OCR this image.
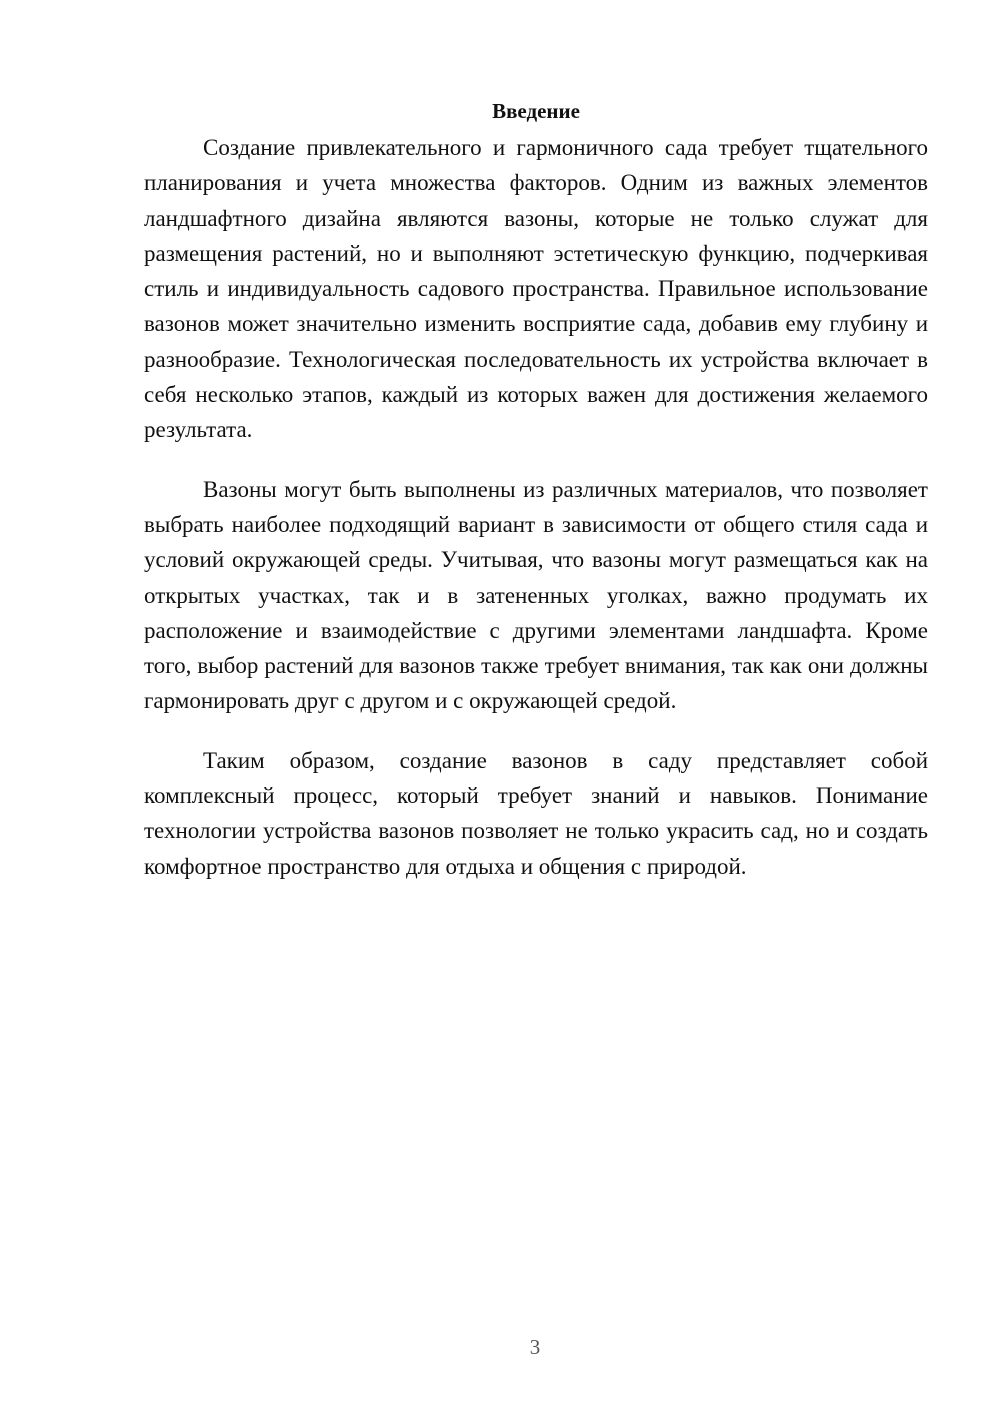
Введение

Создание привлекательного и гармоничного сада требует тщательного планирования и учета множества факторов. Одним из важных элементов ландшафтного дизайна являются вазоны, которые не только служат для размещения растений, но и выполняют эстетическую функцию, подчеркивая стиль и индивидуальность садового пространства. Правильное использование вазонов может значительно изменить восприятие сада, добавив ему глубину и разнообразие. Технологическая последовательность их устройства включает в себя несколько этапов, каждый из которых важен для достижения желаемого результата.

Вазоны могут быть выполнены из различных материалов, что позволяет выбрать наиболее подходящий вариант в зависимости от общего стиля сада и условий окружающей среды. Учитывая, что вазоны могут размещаться как на открытых участках, так и в затененных уголках, важно продумать их расположение и взаимодействие с другими элементами ландшафта. Кроме того, выбор растений для вазонов также требует внимания, так как они должны гармонировать друг с другом и с окружающей средой.

Таким образом, создание вазонов в саду представляет собой комплексный процесс, который требует знаний и навыков. Понимание технологии устройства вазонов позволяет не только украсить сад, но и создать комфортное пространство для отдыха и общения с природой.

3
